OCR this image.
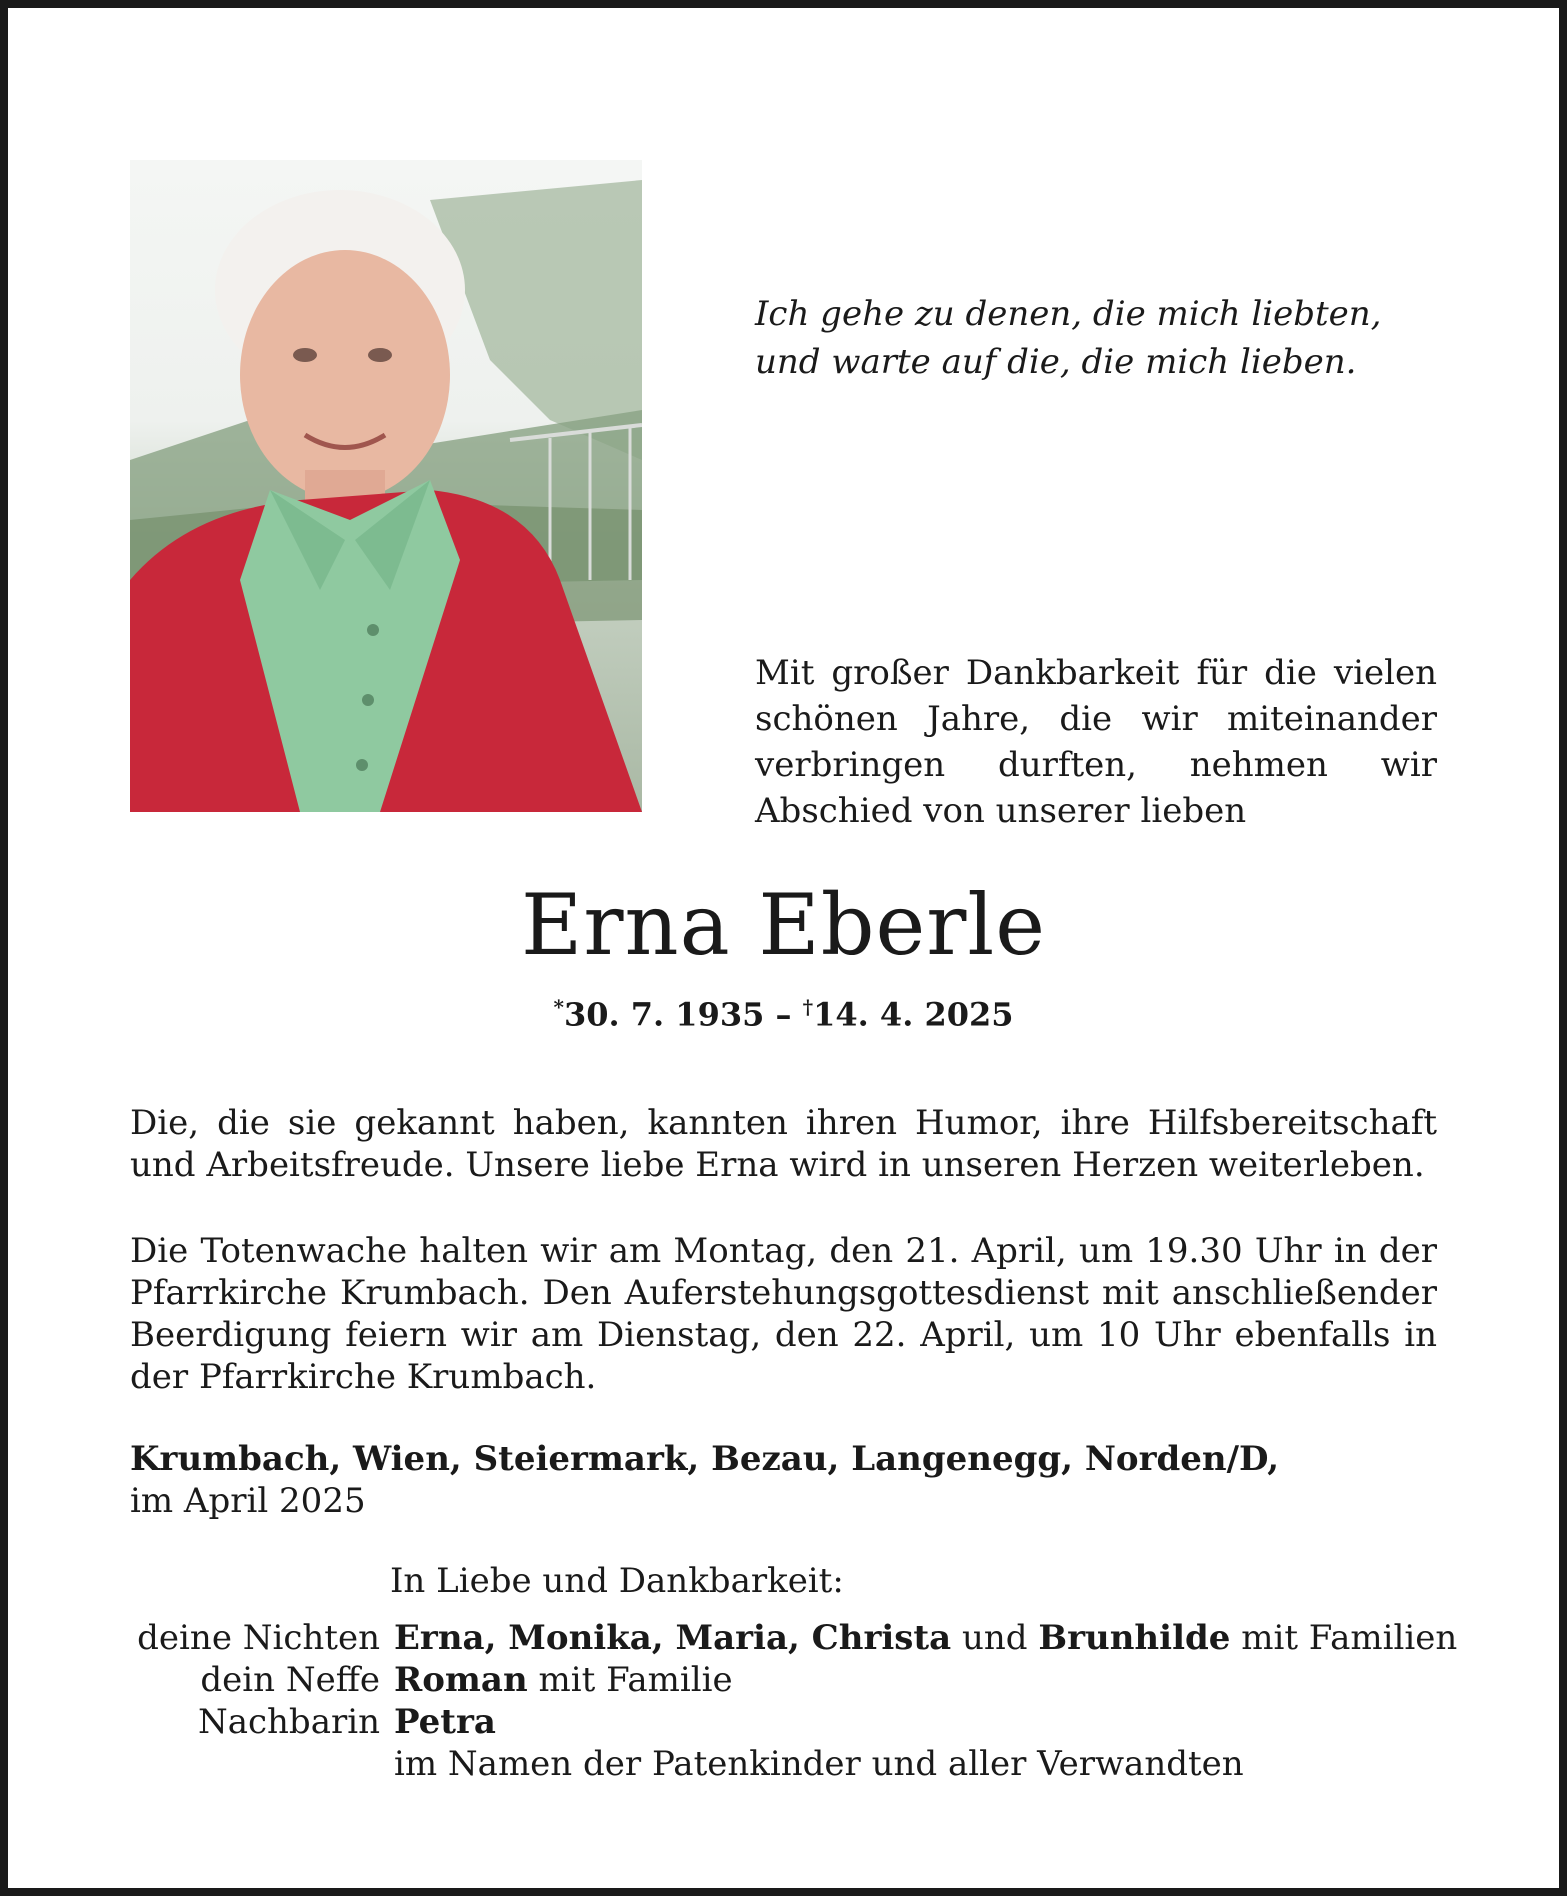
Ich gehe zu denen, die mich liebten,
und warte auf die, die mich lieben.

Mit großer Dankbarkeit für die vielen schönen Jahre, die wir miteinander verbringen durften, nehmen wir Abschied von unserer lieben

Erna Eberle
*30. 7. 1935 – †14. 4. 2025

Die, die sie gekannt haben, kannten ihren Humor, ihre Hilfsbereitschaft und Arbeitsfreude. Unsere liebe Erna wird in unseren Herzen weiterleben.

Die Totenwache halten wir am Montag, den 21. April, um 19.30 Uhr in der Pfarrkirche Krumbach. Den Auferstehungsgottesdienst mit anschließender Beerdigung feiern wir am Dienstag, den 22. April, um 10 Uhr ebenfalls in der Pfarrkirche Krumbach.

Krumbach, Wien, Steiermark, Bezau, Langenegg, Norden/D,
im April 2025
In Liebe und Dankbarkeit:
deine Nichten	Erna, Monika, Maria, Christa und Brunhilde mit Familien
dein Neffe	Roman mit Familie
Nachbarin	Petra
	im Namen der Patenkinder und aller Verwandten
